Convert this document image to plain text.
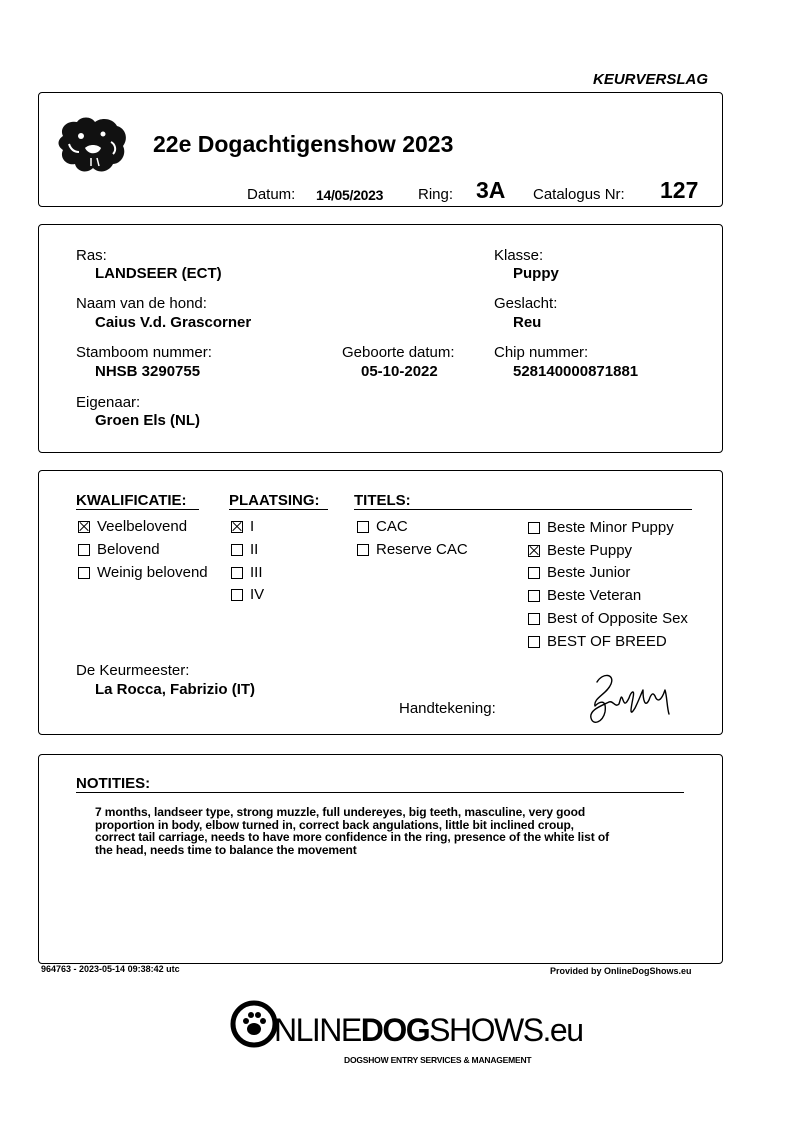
KEURVERSLAG
22e Dogachtigenshow 2023
Datum: 14/05/2023 Ring: 3A Catalogus Nr: 127
Ras:
LANDSEER (ECT)
Klasse:
Puppy
Naam van de hond:
Caius V.d. Grascorner
Geslacht:
Reu
Stamboom nummer:
NHSB 3290755
Geboorte datum:
05-10-2022
Chip nummer:
528140000871881
Eigenaar:
Groen Els (NL)
KWALIFICATIE:	PLAATSING: TITELS:
Veelbelovend
Belovend
Weinig belovend
I
II
III
IV
CAC
Reserve CAC
Beste Minor Puppy
Beste Puppy
Beste Junior
Beste Veteran
Best of Opposite Sex
BEST OF BREED
De Keurmeester:
La Rocca, Fabrizio (IT)
Handtekening:
NOTITIES:
7 months, landseer type, strong muzzle, full undereyes, big teeth, masculine, very good
proportion in body, elbow turned in, correct back angulations, little bit inclined croup,
correct tail carriage, needs to have more confidence in the ring, presence of the white list of
the head, needs time to balance the movement
964763 - 2023-05-14 09:38:42 utc	Provided by OnlineDogShows.eu
NLINEDOGSHOWS.eu
DOGSHOW ENTRY SERVICES & MANAGEMENT
